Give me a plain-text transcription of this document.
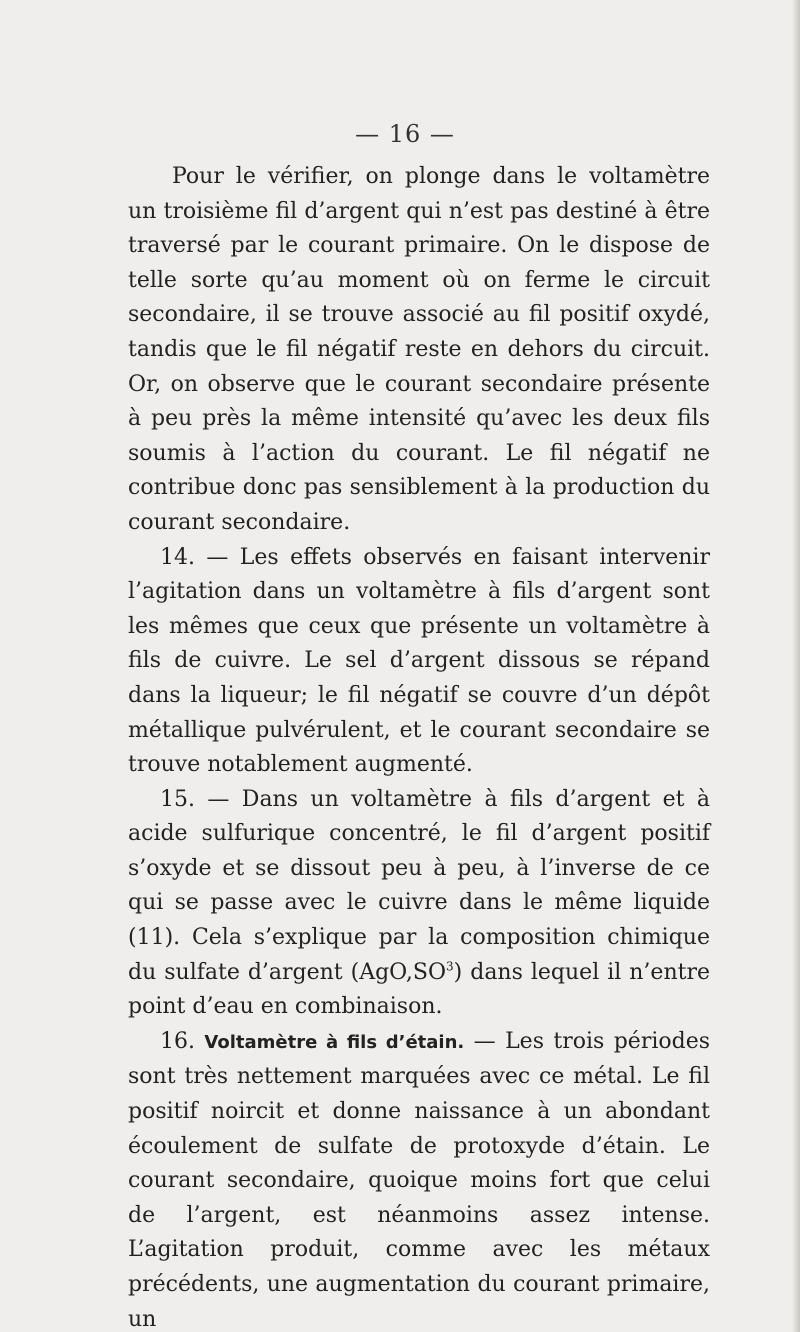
— 16 —

Pour le vérifier, on plonge dans le voltamètre un troisième fil d’argent qui n’est pas destiné à être traversé par le courant primaire. On le dispose de telle sorte qu’au moment où on ferme le circuit secondaire, il se trouve associé au fil positif oxydé, tandis que le fil négatif reste en dehors du circuit. Or, on observe que le courant secondaire présente à peu près la même intensité qu’avec les deux fils soumis à l’action du courant. Le fil négatif ne contribue donc pas sensiblement à la production du courant secondaire.

14. — Les effets observés en faisant intervenir l’agitation dans un voltamètre à fils d’argent sont les mêmes que ceux que présente un voltamètre à fils de cuivre. Le sel d’argent dissous se répand dans la liqueur; le fil négatif se couvre d’un dépôt métallique pulvérulent, et le courant secondaire se trouve notablement augmenté.

15. — Dans un voltamètre à fils d’argent et à acide sulfurique concentré, le fil d’argent positif s’oxyde et se dissout peu à peu, à l’inverse de ce qui se passe avec le cuivre dans le même liquide (11). Cela s’explique par la composition chimique du sulfate d’argent $(AgO,SO^3)$ dans lequel il n’entre point d’eau en combinaison.

16. Voltamètre à fils d’étain. — Les trois périodes sont très nettement marquées avec ce métal. Le fil positif noircit et donne naissance à un abondant écoulement de sulfate de protoxyde d’étain. Le courant secondaire, quoique moins fort que celui de l’argent, est néanmoins assez intense. L’agitation produit, comme avec les métaux précédents, une augmentation du courant primaire, un
